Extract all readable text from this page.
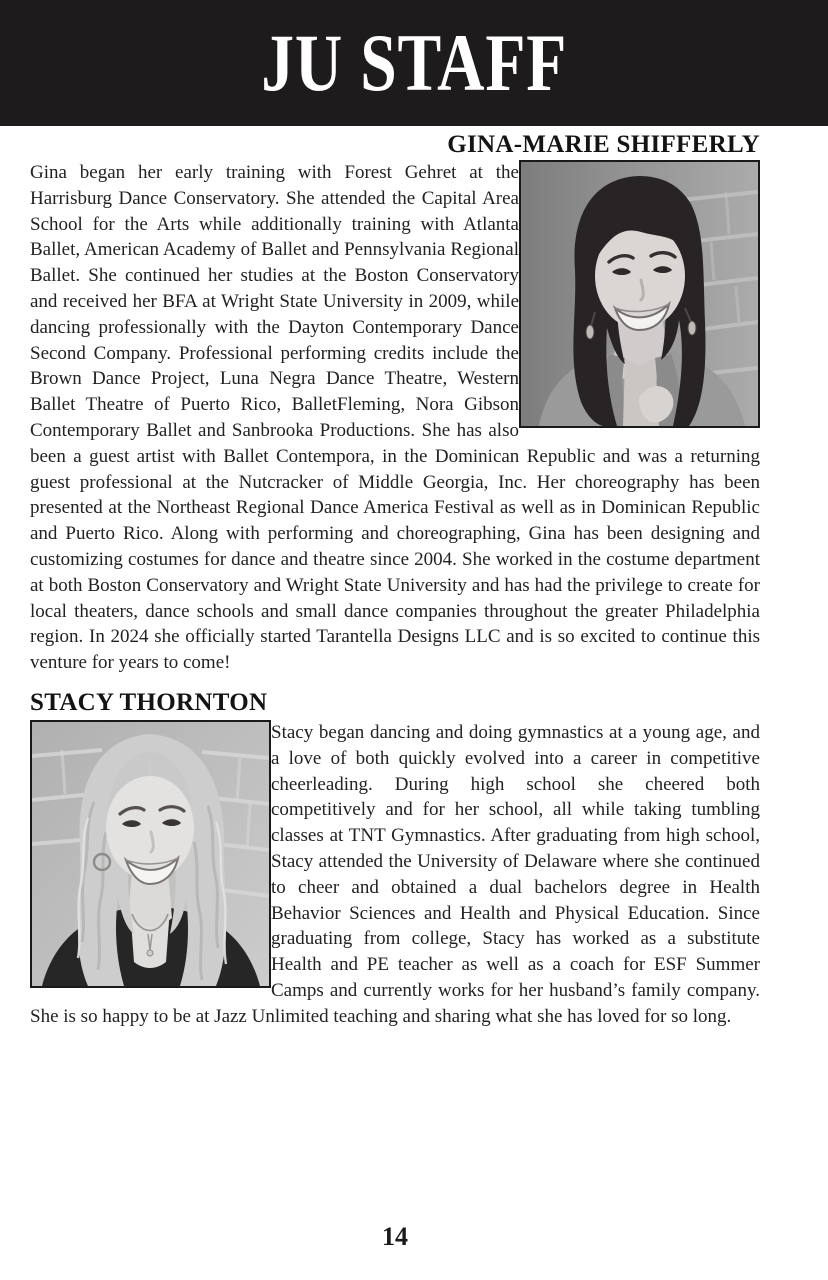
JU STAFF
GINA-MARIE SHIFFERLY

Gina began her early training with Forest Gehret at the Harrisburg Dance Conservatory. She attended the Capital Area School for the Arts while additionally training with Atlanta Ballet, American Academy of Ballet and Pennsylvania Regional Ballet. She continued her studies at the Boston Conservatory and received her BFA at Wright State University in 2009, while dancing professionally with the Dayton Contemporary Dance Second Company. Professional performing credits include the Brown Dance Project, Luna Negra Dance Theatre, Western Ballet Theatre of Puerto Rico, BalletFleming, Nora Gibson Contemporary Ballet and Sanbrooka Productions. She has also been a guest artist with Ballet Contempora, in the Dominican Republic and was a returning guest professional at the Nutcracker of Middle Georgia, Inc. Her choreography has been presented at the Northeast Regional Dance America Festival as well as in Dominican Republic and Puerto Rico. Along with performing and choreographing, Gina has been designing and customizing costumes for dance and theatre since 2004. She worked in the costume department at both Boston Conservatory and Wright State University and has had the privilege to create for local theaters, dance schools and small dance companies throughout the greater Philadelphia region. In 2024 she officially started Tarantella Designs LLC and is so excited to continue this venture for years to come!

STACY THORNTON

Stacy began dancing and doing gymnastics at a young age, and a love of both quickly evolved into a career in competitive cheerleading. During high school she cheered both competitively and for her school, all while taking tumbling classes at TNT Gymnastics. After graduating from high school, Stacy attended the University of Delaware where she continued to cheer and obtained a dual bachelors degree in Health Behavior Sciences and Health and Physical Education. Since graduating from college, Stacy has worked as a substitute Health and PE teacher as well as a coach for ESF Summer Camps and currently works for her husband’s family company. She is so happy to be at Jazz Unlimited teaching and sharing what she has loved for so long.

14
